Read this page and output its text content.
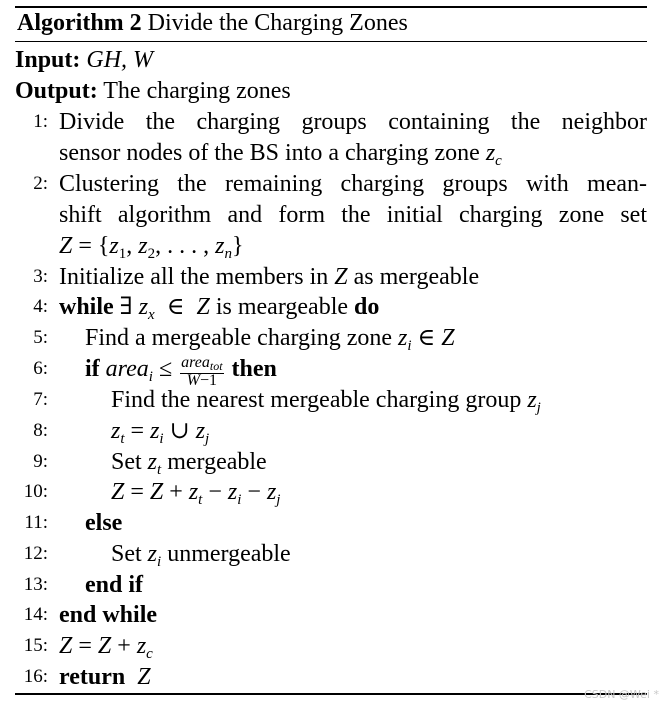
Algorithm 2 Divide the Charging Zones
Input: GH, W
Output: The charging zones
1: Divide the charging groups containing the neighbor
sensor nodes of the BS into a charging zone $z_c$
2: Clustering the remaining charging groups with mean-
shift algorithm and form the initial charging zone set
$Z = \{z_1$, $z_2$, . . . , $z_n$}
3: Initialize all the members in Z as mergeable
4: while ∃ $z_x$  ∈  Z is meargeable do
5: Find a mergeable charging zone $z_i$ ∈ Z
6: if area$_i$ ≤ $\frac{\text{areatot}}{W-1}$ then
7:	Find the nearest mergeable charging group $z_j$
8:	$z_t = z_i$ ∪ $z_j$
9:	Set $z_t$ mergeable
10:	$Z = Z + z_t - z_i - z_j$
11: else
12:	Set $z_i$ unmergeable
13: end if
14: end while
15: $Z = Z + z_c$
16: return Z
CSDN @Wei *
